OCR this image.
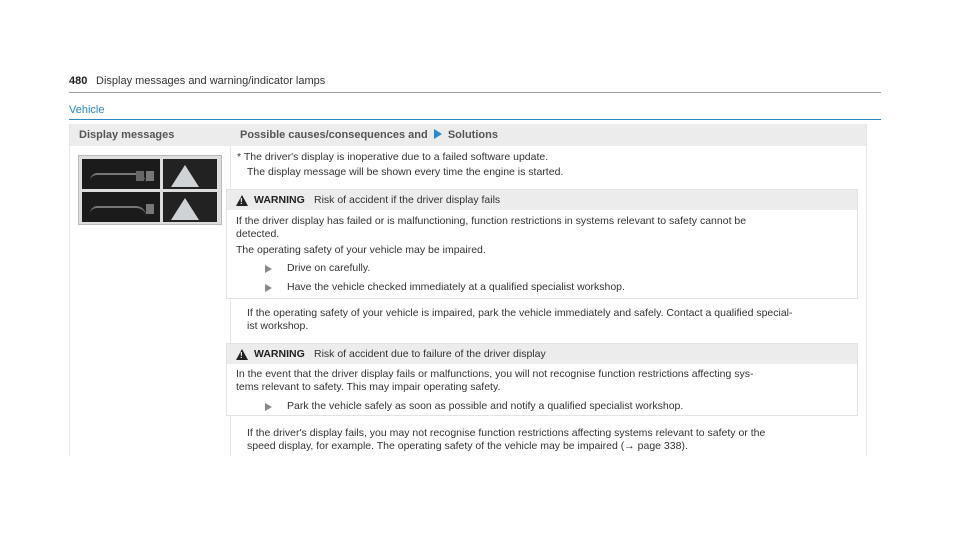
480 Display messages and warning/indicator lamps
Vehicle
Display messages	Possible causes/consequences and Solutions
* The driver's display is inoperative due to a failed software update.
The display message will be shown every time the engine is started.
!
WARNING Risk of accident if the driver display fails
If the driver display has failed or is malfunctioning, function restrictions in systems relevant to safety cannot be
detected.
The operating safety of your vehicle may be impaired.
Drive on carefully.
Have the vehicle checked immediately at a qualified specialist workshop.
If the operating safety of your vehicle is impaired, park the vehicle immediately and safely. Contact a qualified special-
ist workshop.
!
WARNING Risk of accident due to failure of the driver display
In the event that the driver display fails or malfunctions, you will not recognise function restrictions affecting sys-
tems relevant to safety. This may impair operating safety.
Park the vehicle safely as soon as possible and notify a qualified specialist workshop.
If the driver's display fails, you may not recognise function restrictions affecting systems relevant to safety or the
speed display, for example. The operating safety of the vehicle may be impaired (→ page 338).
